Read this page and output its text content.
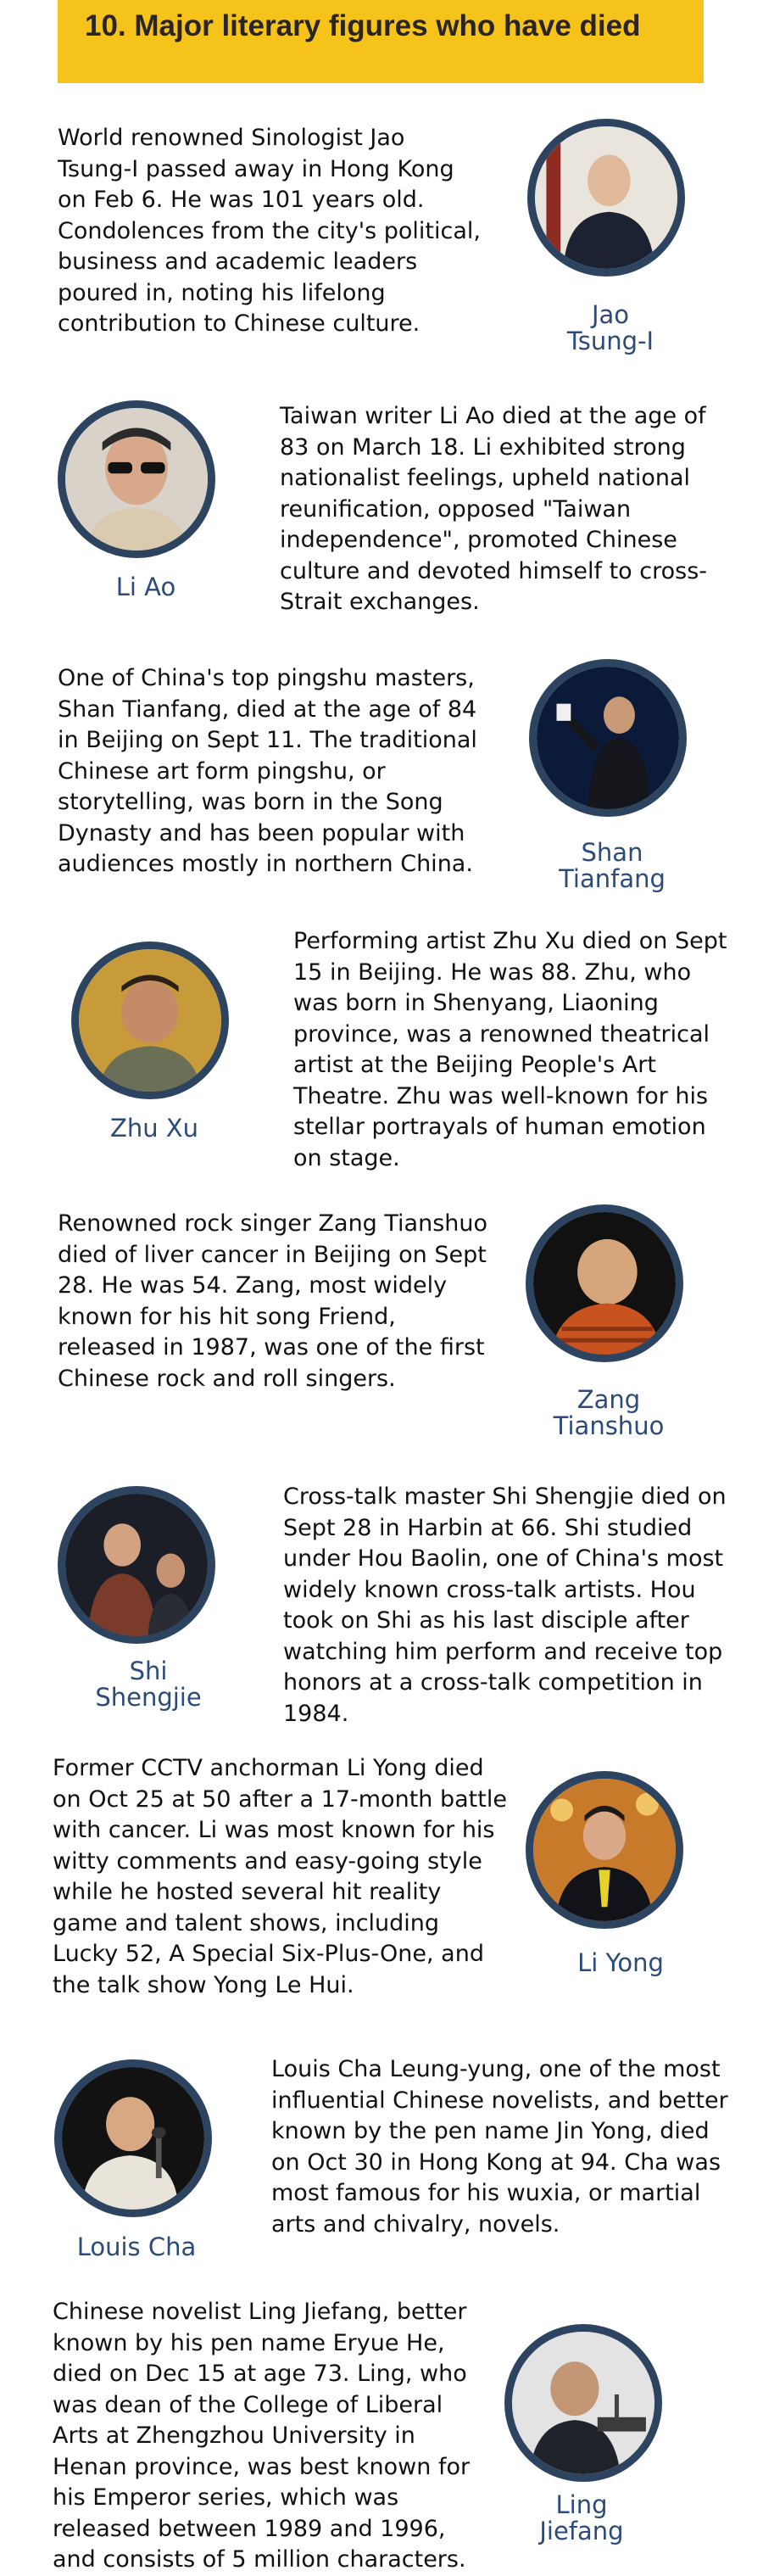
10. Major literary figures who have died

World renowned Sinologist Jao Tsung-I passed away in Hong Kong on Feb 6. He was 101 years old. Condolences from the city's political, business and academic leaders poured in, noting his lifelong contribution to Chinese culture.	Jao
Tsung-I

Li Ao

Taiwan writer Li Ao died at the age of 83 on March 18. Li exhibited strong nationalist feelings, upheld national reunification, opposed "Taiwan independence", promoted Chinese culture and devoted himself to cross-Strait exchanges.

One of China's top pingshu masters, Shan Tianfang, died at the age of 84 in Beijing on Sept 11. The traditional Chinese art form pingshu, or storytelling, was born in the Song Dynasty and has been popular with audiences mostly in northern China.	Shan
Tianfang

Zhu Xu

Performing artist Zhu Xu died on Sept 15 in Beijing. He was 88. Zhu, who was born in Shenyang, Liaoning province, was a renowned theatrical artist at the Beijing People's Art Theatre. Zhu was well-known for his stellar portrayals of human emotion on stage.

Renowned rock singer Zang Tianshuo died of liver cancer in Beijing on Sept 28. He was 54. Zang, most widely known for his hit song Friend, released in 1987, was one of the first Chinese rock and roll singers.

Zang
Tianshuo

Shi
Shengjie

Cross-talk master Shi Shengjie died on Sept 28 in Harbin at 66. Shi studied under Hou Baolin, one of China's most widely known cross-talk artists. Hou took on Shi as his last disciple after watching him perform and receive top honors at a cross-talk competition in 1984.

Former CCTV anchorman Li Yong died on Oct 25 at 50 after a 17-month battle with cancer. Li was most known for his witty comments and easy-going style while he hosted several hit reality game and talent shows, including Lucky 52, A Special Six-Plus-One, and the talk show Yong Le Hui.

Li Yong

Louis Cha

Louis Cha Leung-yung, one of the most influential Chinese novelists, and better known by the pen name Jin Yong, died on Oct 30 in Hong Kong at 94. Cha was most famous for his wuxia, or martial arts and chivalry, novels.

Chinese novelist Ling Jiefang, better known by his pen name Eryue He, died on Dec 15 at age 73. Ling, who was dean of the College of Liberal Arts at Zhengzhou University in Henan province, was best known for his Emperor series, which was released between 1989 and 1996, and consists of 5 million characters.

Ling
Jiefang
